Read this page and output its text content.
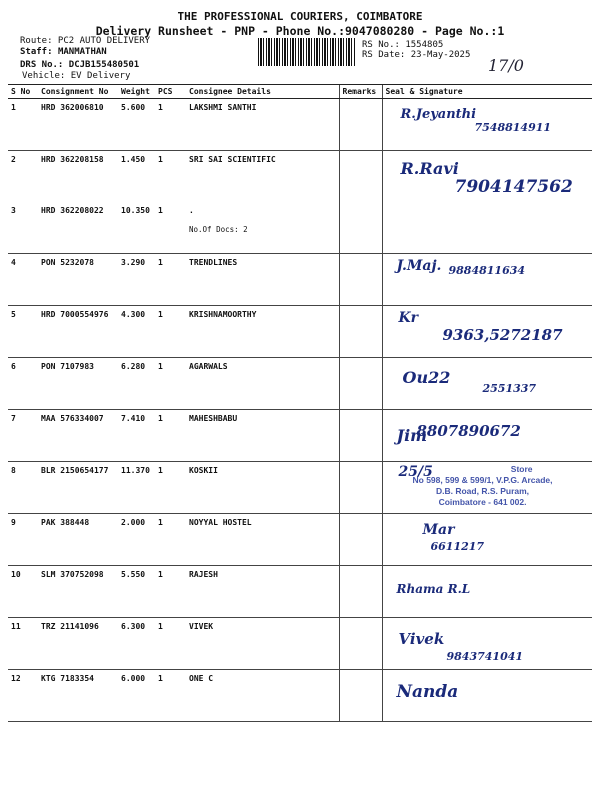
THE PROFESSIONAL COURIERS, COIMBATORE
Delivery Runsheet - PNP - Phone No.:9047080280 - Page No.:1
Route: PC2 AUTO DELIVERY
Staff: MANMATHAN
DRS No.: DCJB155480501
Vehicle: EV Delivery
RS No.: 1554805
RS Date: 23-May-2025
17/0
S No	Consignment No	Weight	PCS	Consignee Details	Remarks	Seal & Signature
1	HRD 362006810	5.600	1	LAKSHMI SANTHI		R.Jeyanthi
7548814911

2	HRD 362208158	1.450	1	SRI SAI SCIENTIFIC		R.Ravi
7904147562

3	HRD 362208022	10.350	1	.
No.Of Docs: 2		

4	PON 5232078	3.290	1	TRENDLINES		J.Maj. 9884811634

5	HRD 7000554976	4.300	1	KRISHNAMOORTHY		Kr
9363,5272187

6	PON 7107983	6.280	1	AGARWALS		Ou22
2551337

7	MAA 576334007	7.410	1	MAHESHBABU		Jim
8807890672

8	BLR 2150654177	11.370	1	KOSKII		25/5 Store
No 598, 599 & 599/1, V.P.G. Arcade,
D.B. Road, R.S. Puram,
Coimbatore - 641 002.

9	PAK 388448	2.000	1	NOYYAL HOSTEL		Mar
6611217

10	SLM 370752098	5.550	1	RAJESH		Rhama R.L

11	TRZ 21141096	6.300	1	VIVEK		Vivek
9843741041

12	KTG 7183354	6.000	1	ONE C		Nanda
